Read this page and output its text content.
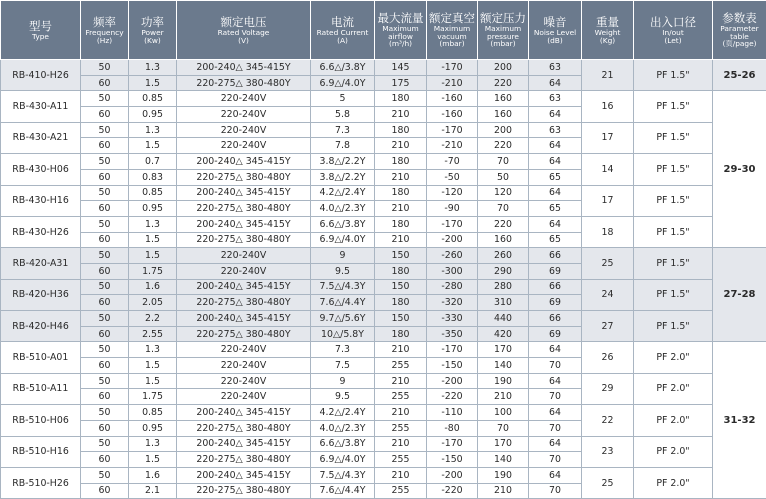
型号
Type	频率
Frequency
(Hz)	功率
Power
(Kw)	额定电压
Rated Voltage
(V)	电流
Rated Current
(A)	最大流量
Maximum
airflow
(m³/h)	额定真空
Maximum
vacuum
(mbar)	额定压力
Maximum
pressure
(mbar)	噪音
Noise Level
(dB)	重量
Weight
(Kg)	出入口径
In/out
(Let)	参数表
Parameter
table
(页/page)

RB-410-H26	50	1.3	200-240△ 345-415Y	6.6△/3.8Y	145	-170	200	63	21	PF 1.5"	25-26
	60	1.5	220-275△ 380-480Y	6.9△/4.0Y	175	-210	220	64			
RB-430-A11	50	0.85	220-240V	5	180	-160	160	63	16	PF 1.5"	29-30
	60	0.95	220-240V	5.8	210	-160	160	64			
RB-430-A21	50	1.3	220-240V	7.3	180	-170	200	63	17	PF 1.5"	
	60	1.5	220-240V	7.8	210	-210	220	64			
RB-430-H06	50	0.7	200-240△ 345-415Y	3.8△/2.2Y	180	-70	70	64	14	PF 1.5"	
	60	0.83	220-275△ 380-480Y	3.8△/2.2Y	210	-50	50	65			
RB-430-H16	50	0.85	200-240△ 345-415Y	4.2△/2.4Y	180	-120	120	64	17	PF 1.5"	
	60	0.95	220-275△ 380-480Y	4.0△/2.3Y	210	-90	70	65			
RB-430-H26	50	1.3	200-240△ 345-415Y	6.6△/3.8Y	180	-170	220	64	18	PF 1.5"	
	60	1.5	220-275△ 380-480Y	6.9△/4.0Y	210	-200	160	65			
RB-420-A31	50	1.5	220-240V	9	150	-260	260	66	25	PF 1.5"	27-28
	60	1.75	220-240V	9.5	180	-300	290	69			
RB-420-H36	50	1.6	200-240△ 345-415Y	7.5△/4.3Y	150	-280	280	66	24	PF 1.5"	
	60	2.05	220-275△ 380-480Y	7.6△/4.4Y	180	-320	310	69			
RB-420-H46	50	2.2	200-240△ 345-415Y	9.7△/5.6Y	150	-330	440	66	27	PF 1.5"	
	60	2.55	220-275△ 380-480Y	10△/5.8Y	180	-350	420	69			
RB-510-A01	50	1.3	220-240V	7.3	210	-170	170	64	26	PF 2.0"	31-32
	60	1.5	220-240V	7.5	255	-150	140	70			
RB-510-A11	50	1.5	220-240V	9	210	-200	190	64	29	PF 2.0"	
	60	1.75	220-240V	9.5	255	-220	210	70			
RB-510-H06	50	0.85	200-240△ 345-415Y	4.2△/2.4Y	210	-110	100	64	22	PF 2.0"	
	60	0.95	220-275△ 380-480Y	4.0△/2.3Y	255	-80	70	70			
RB-510-H16	50	1.3	200-240△ 345-415Y	6.6△/3.8Y	210	-170	170	64	23	PF 2.0"	
	60	1.5	220-275△ 380-480Y	6.9△/4.0Y	255	-150	140	70			
RB-510-H26	50	1.6	200-240△ 345-415Y	7.5△/4.3Y	210	-200	190	64	25	PF 2.0"	
	60	2.1	220-275△ 380-480Y	7.6△/4.4Y	255	-220	210	70			
